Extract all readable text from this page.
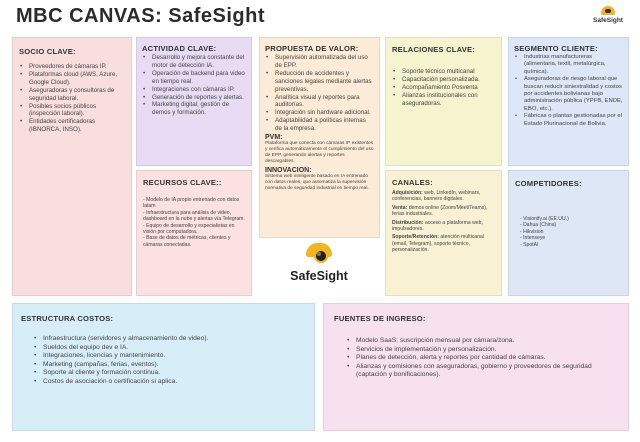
MBC CANVAS: SafeSight	SafeSight
SOCIO CLAVE:
• Proveedores de cámaras IP.
• Plataformas cloud (AWS, Azure, Google Cloud).
• Aseguradoras y consultoras de seguridad laboral.
• Posibles socios públicos (inspección laboral).
• Entidades certificadoras (IBNORCA, INSO).
ACTIVIDAD CLAVE:
• Desarrollo y mejora constante del motor de detección IA.
• Operación de backend para video en tiempo real.
• Integraciones con cámaras IP.
• Generación de reportes y alertas.
• Marketing digital, gestión de demos y formación.
RECURSOS CLAVE::
- Modelo de IA propio entrenado con datos latam
- Infraestructura para análisis de video, dashboard en la nube y alertas vía Telegram.
- Equipo de desarrollo y especialistas en visión por computadora.
- Base de datos de métricas, clientes y cámaras conectadas.
PROPUESTA DE VALOR:
• Supervisión automatizada del uso de EPP.
• Reducción de accidentes y sanciones legales mediante alertas preventivas.
• Analítica visual y reportes para auditorías.
• Integración sin hardware adicional.
• Adaptabilidad a políticas internas de la empresa.
PVM:
Plataforma que conecta con cámaras IP existentes y verifica automáticamente el cumplimiento del uso de EPP, generando alertas y reportes descargables.
INNOVACION:
Sistema web inteligente basado en IA entrenado con datos reales, que automatiza la supervisión normativa de seguridad industrial en tiempo real.
SafeSight
RELACIONES CLAVE:
• Soporte técnico multicanal
• Capacitación personalizada.
• Acompañamiento Posventa
• Alianzas institucionales con aseguradoras.
CANALES:
Adquisición: web, LinkedIn, webinars, conferencias, banners digitales.
Venta: demos online (Zoom/Meet/Teams), ferias industriales.
Distribución: acceso a plataforma web, impulsadores.
Soporte/Retención: atención multicanal (email, Telegram), soporte técnico, personalización.
SEGMENTO CLIENTE:
• Industrias manufactureras (alimentaria, textil, metalúrgica, química).
• Aseguradoras de riesgo laboral que buscan reducir siniestralidad y costos por accidentes.bolivianas bajo administración pública (YPFB, ENDE, EBO, etc.).
• Fábricas o plantas gestionadas por el Estado Plurinacional de Bolivia.
COMPETIDORES:
- Visionify.ai (EE.UU.)
- Dahua (China)
- Hikvision
- Intenseye
- SpotAI
ESTRUCTURA COSTOS:
• Infraestructura (servidores y almacenamiento de video).
• Sueldos del equipo dev e IA.
• Integraciones, licencias y mantenimiento.
• Marketing (campañas, ferias, eventos).
• Soporte al cliente y formación continua.
• Costos de asociación o certificación si aplica.
FUENTES DE INGRESO:
• Modelo SaaS: suscripción mensual por cámara/zona.
• Servicios de implementación y personalización.
• Planes de detección, alerta y reportes por cantidad de cámaras.
• Alianzas y comisiones con aseguradoras, gobierno y proveedores de seguridad (captación y bonificaciones).
